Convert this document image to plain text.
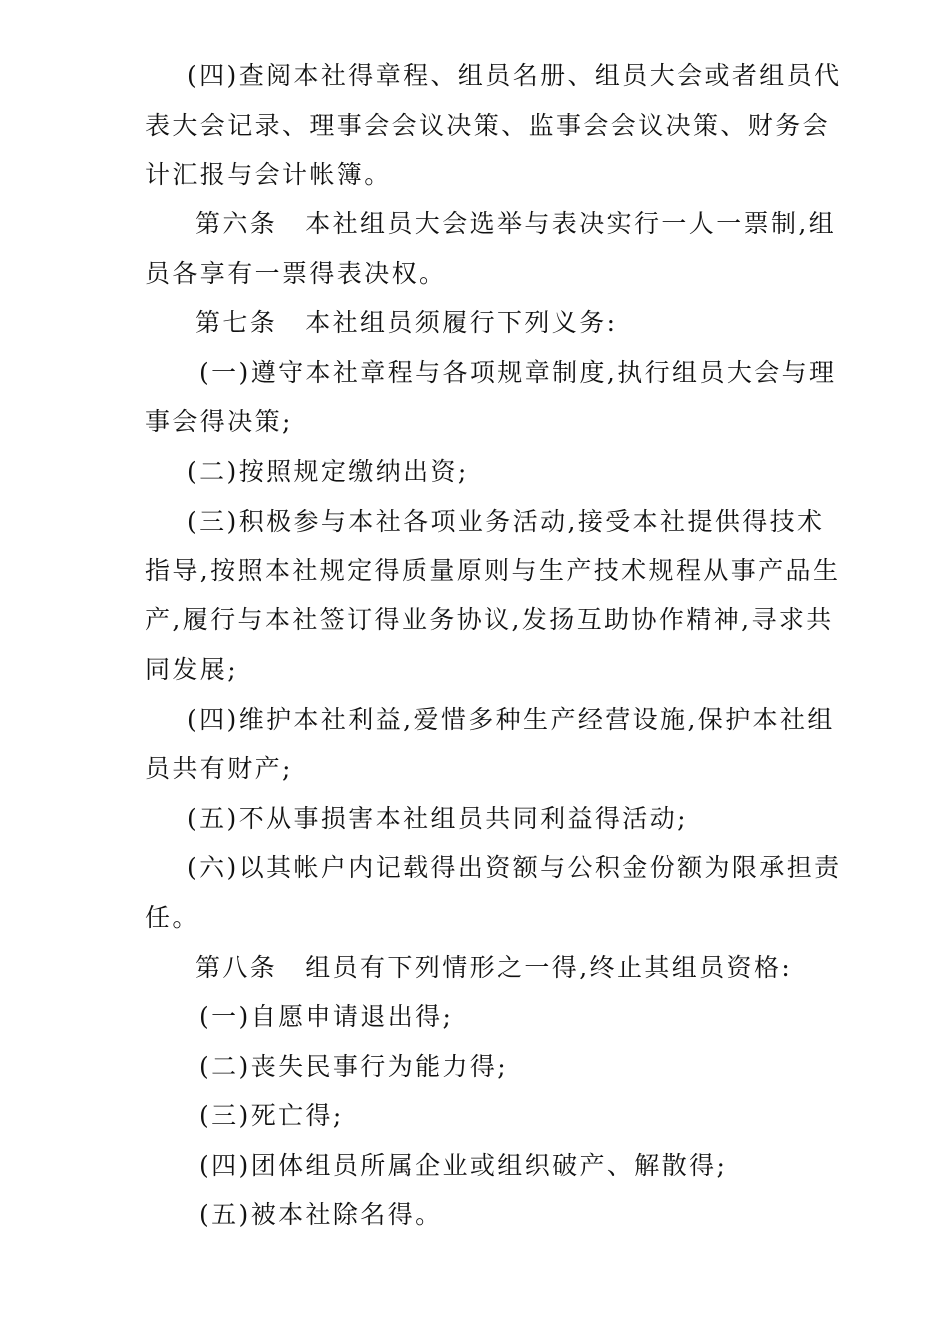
(四)查阅本社得章程、组员名册、组员大会或者组员代
表大会记录、理事会会议决策、监事会会议决策、财务会
计汇报与会计帐簿。
第六条 本社组员大会选举与表决实行一人一票制,组
员各享有一票得表决权。
第七条 本社组员须履行下列义务:
(一)遵守本社章程与各项规章制度,执行组员大会与理
事会得决策;
(二)按照规定缴纳出资;
(三)积极参与本社各项业务活动,接受本社提供得技术
指导,按照本社规定得质量原则与生产技术规程从事产品生
产,履行与本社签订得业务协议,发扬互助协作精神,寻求共
同发展;
(四)维护本社利益,爱惜多种生产经营设施,保护本社组
员共有财产;
(五)不从事损害本社组员共同利益得活动;
(六)以其帐户内记载得出资额与公积金份额为限承担责
任。
第八条 组员有下列情形之一得,终止其组员资格:
(一)自愿申请退出得;
(二)丧失民事行为能力得;
(三)死亡得;
(四)团体组员所属企业或组织破产、解散得;
(五)被本社除名得。
